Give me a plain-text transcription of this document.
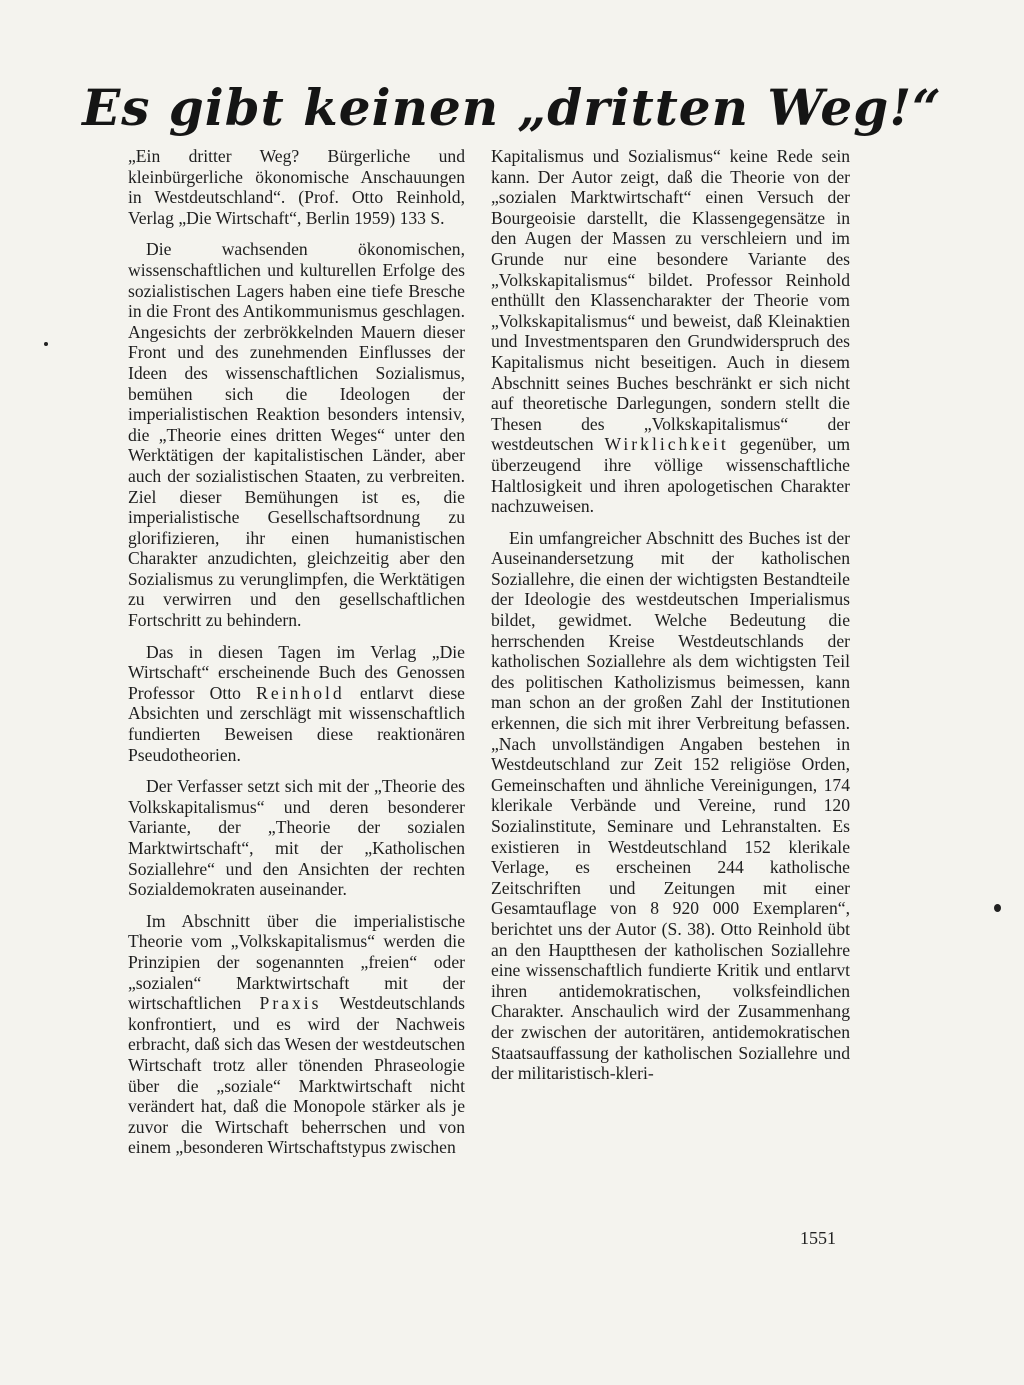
Es gibt keinen „dritten Weg!“

„Ein dritter Weg? Bürgerliche und kleinbürgerliche ökonomische Anschauungen in Westdeutschland“. (Prof. Otto Reinhold, Verlag „Die Wirtschaft“, Berlin 1959) 133 S.

Die wachsenden ökonomischen, wissenschaftlichen und kulturellen Erfolge des sozialistischen Lagers haben eine tiefe Bresche in die Front des Antikommunismus geschlagen. Angesichts der zerbrökkelnden Mauern dieser Front und des zunehmenden Einflusses der Ideen des wissenschaftlichen Sozialismus, bemühen sich die Ideologen der imperialistischen Reaktion besonders intensiv, die „Theorie eines dritten Weges“ unter den Werktätigen der kapitalistischen Länder, aber auch der sozialistischen Staaten, zu verbreiten. Ziel dieser Bemühungen ist es, die imperialistische Gesellschaftsordnung zu glorifizieren, ihr einen humanistischen Charakter anzudichten, gleichzeitig aber den Sozialismus zu verunglimpfen, die Werktätigen zu verwirren und den gesellschaftlichen Fortschritt zu behindern.

Das in diesen Tagen im Verlag „Die Wirtschaft“ erscheinende Buch des Genossen Professor Otto Reinhold entlarvt diese Absichten und zerschlägt mit wissenschaftlich fundierten Beweisen diese reaktionären Pseudotheorien.

Der Verfasser setzt sich mit der „Theorie des Volkskapitalismus“ und deren besonderer Variante, der „Theorie der sozialen Marktwirtschaft“, mit der „Katholischen Soziallehre“ und den Ansichten der rechten Sozialdemokraten auseinander.

Im Abschnitt über die imperialistische Theorie vom „Volkskapitalismus“ werden die Prinzipien der sogenannten „freien“ oder „sozialen“ Marktwirtschaft mit der wirtschaftlichen Praxis Westdeutschlands konfrontiert, und es wird der Nachweis erbracht, daß sich das Wesen der westdeutschen Wirtschaft trotz aller tönenden Phraseologie über die „soziale“ Marktwirtschaft nicht verändert hat, daß die Monopole stärker als je zuvor die Wirtschaft beherrschen und von einem „besonderen Wirtschaftstypus zwischen

Kapitalismus und Sozialismus“ keine Rede sein kann. Der Autor zeigt, daß die Theorie von der „sozialen Marktwirtschaft“ einen Versuch der Bourgeoisie darstellt, die Klassengegensätze in den Augen der Massen zu verschleiern und im Grunde nur eine besondere Variante des „Volkskapitalismus“ bildet. Professor Reinhold enthüllt den Klassencharakter der Theorie vom „Volkskapitalismus“ und beweist, daß Kleinaktien und Investmentsparen den Grundwiderspruch des Kapitalismus nicht beseitigen. Auch in diesem Abschnitt seines Buches beschränkt er sich nicht auf theoretische Darlegungen, sondern stellt die Thesen des „Volkskapitalismus“ der westdeutschen Wirklichkeit gegenüber, um überzeugend ihre völlige wissenschaftliche Haltlosigkeit und ihren apologetischen Charakter nachzuweisen.

Ein umfangreicher Abschnitt des Buches ist der Auseinandersetzung mit der katholischen Soziallehre, die einen der wichtigsten Bestandteile der Ideologie des westdeutschen Imperialismus bildet, gewidmet. Welche Bedeutung die herrschenden Kreise Westdeutschlands der katholischen Soziallehre als dem wichtigsten Teil des politischen Katholizismus beimessen, kann man schon an der großen Zahl der Institutionen erkennen, die sich mit ihrer Verbreitung befassen. „Nach unvollständigen Angaben bestehen in Westdeutschland zur Zeit 152 religiöse Orden, Gemeinschaften und ähnliche Vereinigungen, 174 klerikale Verbände und Vereine, rund 120 Sozialinstitute, Seminare und Lehranstalten. Es existieren in Westdeutschland 152 klerikale Verlage, es erscheinen 244 katholische Zeitschriften und Zeitungen mit einer Gesamtauflage von 8 920 000 Exemplaren“, berichtet uns der Autor (S. 38). Otto Reinhold übt an den Hauptthesen der katholischen Soziallehre eine wissenschaftlich fundierte Kritik und entlarvt ihren antidemokratischen, volksfeindlichen Charakter. Anschaulich wird der Zusammenhang der zwischen der autoritären, antidemokratischen Staatsauffassung der katholischen Soziallehre und der militaristisch-kleri-

1551
